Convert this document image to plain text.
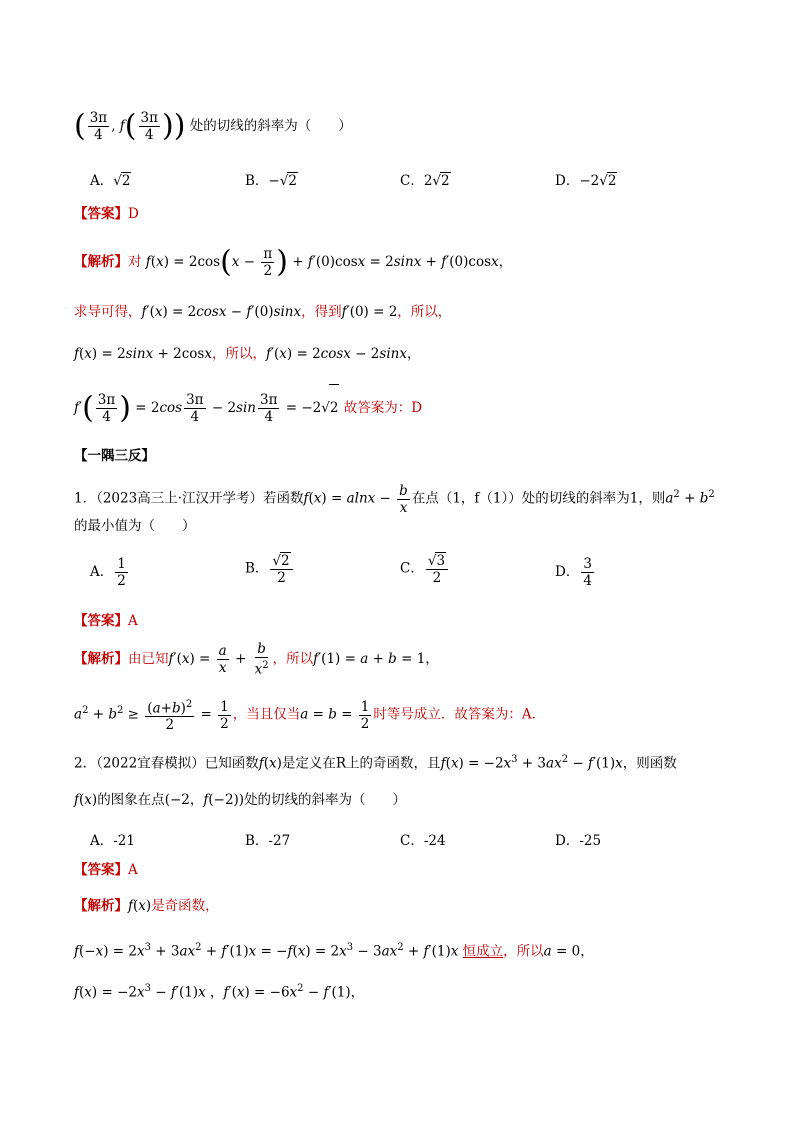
( $\frac{3\pi}{4}$ , $f( \frac{3\pi}{4}$ )) 处的切线的斜率为（　　）
A．√2	B．−√2	C．2√2	D．−2√2
【答案】D
【解析】对 $f(x) = 2\cos(x - \frac{\pi}{2}$ ) + f′(0)cosx = 2sinx + f′(0)cosx，
求导可得，f′(x) = 2cosx − f′(0)sinx，得到f′(0) = 2，所以，
f(x) = 2sinx + 2cosx，所以，f′(x) = 2cosx − 2sinx，
$f'( \frac{3\pi}{4}$ ) = $2\cos \frac{3\pi}{4} - 2\sin \frac{3\pi}{4} = -2√2$ 故答案为：D
【一隅三反】
1．（2023高三上·江汉开学考）若函数$f(x) = alnx - \frac{b}{x}$ 在点（1，f（1））处的切线的斜率为1，则$a^2 + b^2$
的最小值为（　　）
A． $\frac{1}{2}$	B． $\frac{√2}{2}$	C． $\frac{√3}{2}$	D． $\frac{3}{4}$
【答案】A
【解析】由已知$f'(x) = \frac{a}{x} + \frac{b}{x^2}$ ，所以f′(1) = a + b = 1，
$a^2 + b^2 \ge \frac{(a+b)^2}{2} = \frac{1}{2}$ ，当且仅当$a = b = \frac{1}{2}$ 时等号成立．故答案为：A．
2．（2022宜春模拟）已知函数f(x)是定义在R上的奇函数，且$f(x) = -2x^3 + 3ax^2 - f'(1)x$，则函数
f(x)的图象在点(−2，f(−2))处的切线的斜率为（　　）
A．-21	B．-27	C．-24	D．-25
【答案】A
【解析】f(x)是奇函数，
$f(-x) = 2x^3 + 3ax^2 + f'(1)x = -f(x) = 2x^3 - 3ax^2 + f'(1)x$ 恒成立，所以a = 0，
$f(x) = -2x^3 - f'(1)x$ ，$f'(x) = -6x^2 - f'(1)$，
